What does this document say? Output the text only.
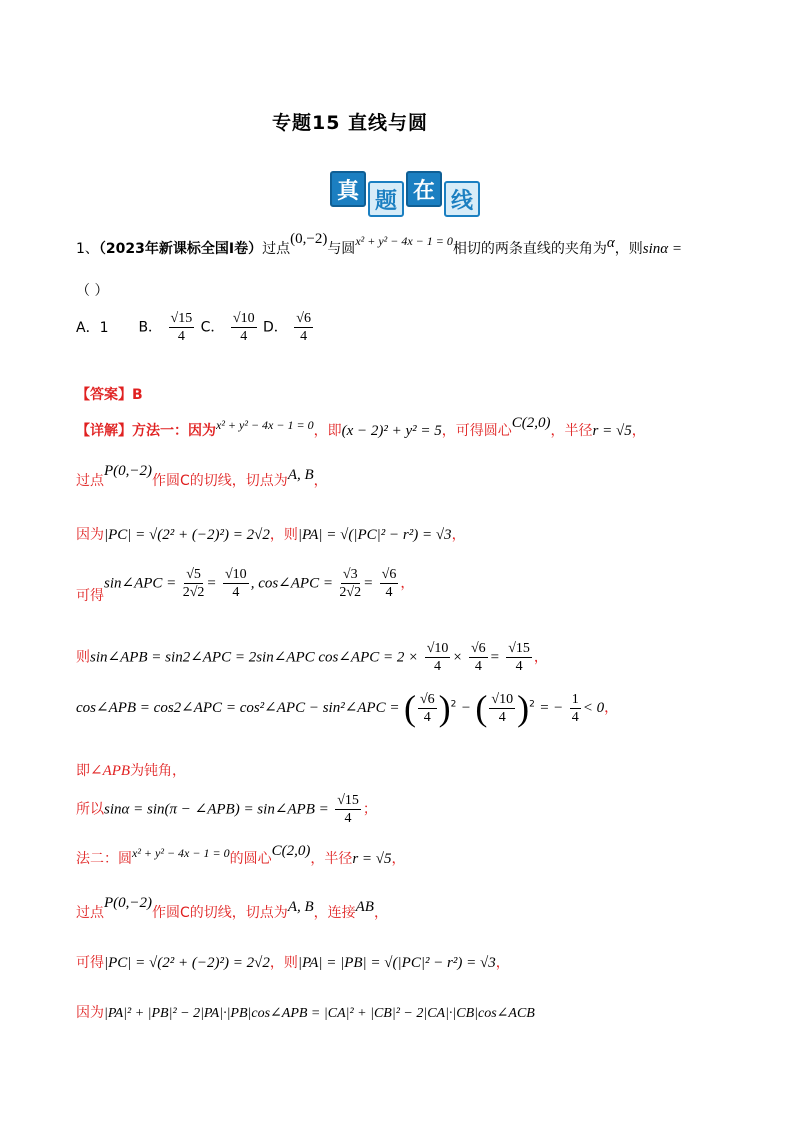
专题15 直线与圆
真 题 在 线
1、（2023年新课标全国Ⅰ卷）过点(0,−2)与圆x² + y² − 4x − 1 = 0相切的两条直线的夹角为α，则sinα =
（ ）
A．1 B． $\frac{√15}{4}$ C． $\frac{√10}{4}$ D． $\frac{√6}{4}$
【答案】B
【详解】方法一：因为x² + y² − 4x − 1 = 0，即(x − 2)² + y² = 5，可得圆心C(2,0)，半径r = √5，
过点P(0,−2)作圆C的切线，切点为A, B，
因为|PC| = √(2² + (−2)²) = 2√2，则|PA| = √(|PC|² − r²) = √3，
可得sin∠APC = $\frac{√5}{2√2} = \frac{√10}{4}$ , cos∠APC = $\frac{√3}{2√2} = \frac{√6}{4}$ ，
则sin∠APB = sin2∠APC = 2sin∠APC cos∠APC = $2 \times \frac{√10}{4} \times \frac{√6}{4} = \frac{√15}{4}$ ，
cos∠APB = cos2∠APC = cos²∠APC − sin²∠APC = ( $\frac{√6}{4} )^2$ − ( $\frac{√10}{4} )^2$ = − $\frac{1}{4} < 0$，
即∠APB为钝角，
所以sinα = sin(π − ∠APB) = sin∠APB = $\frac{√15}{4}$ ；
法二：圆x² + y² − 4x − 1 = 0的圆心C(2,0)，半径r = √5，
过点P(0,−2)作圆C的切线，切点为A, B，连接AB，
可得|PC| = √(2² + (−2)²) = 2√2，则|PA| = |PB| = √(|PC|² − r²) = √3，
因为|PA|² + |PB|² − 2|PA|·|PB|cos∠APB = |CA|² + |CB|² − 2|CA|·|CB|cos∠ACB
